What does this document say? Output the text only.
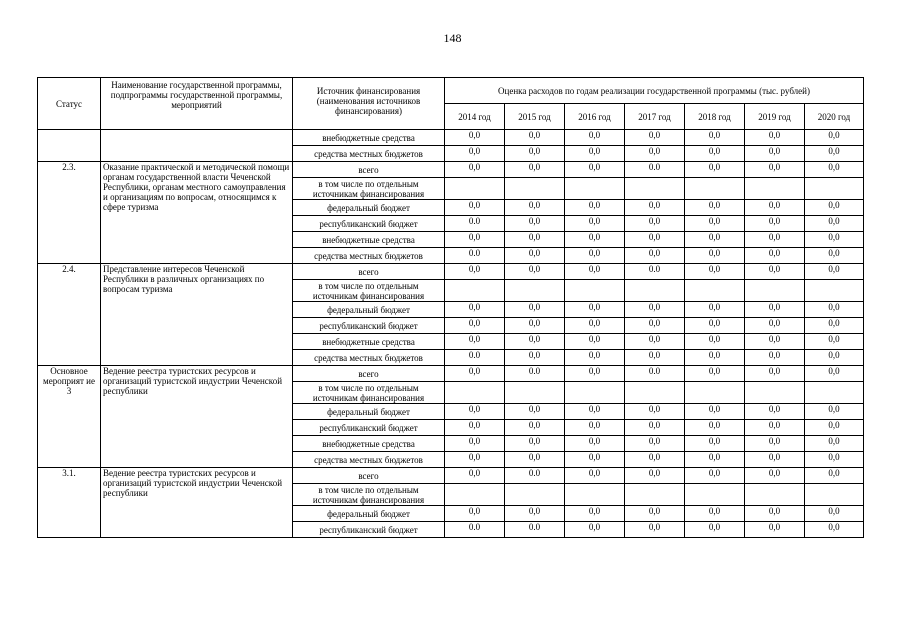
148
Статус	Наименование государственной программы, подпрограммы государственной программы, мероприятий	Источник финансирования (наименования источников финансирования)	Оценка расходов по годам реализации государственной программы (тыс. рублей)						
			2014 год	2015 год	2016 год	2017 год	2018 год	2019 год	2020 год
		внебюджетные средства	0,0	0,0	0,0	0,0	0,0	0,0	0,0
		средства местных бюджетов	0,0	0,0	0,0	0,0	0,0	0,0	0,0
2.3.	Оказание практической и методической помощи органам государственной власти Чеченской Республики, органам местного самоуправления и организациям по вопросам, относящимся к сфере туризма	всего	0,0	0,0	0,0	0.0	0,0	0,0	0,0
		в том числе по отдельным источникам финансирования							
		федеральный бюджет	0,0	0,0	0,0	0,0	0,0	0,0	0,0
		республиканский бюджет	0.0	0,0	0,0	0,0	0,0	0,0	0,0
		внебюджетные средства	0,0	0,0	0,0	0,0	0,0	0,0	0,0
		средства местных бюджетов	0.0	0,0	0,0	0,0	0,0	0,0	0,0
2.4.	Представление интересов Чеченской Республики в различных организациях по вопросам туризма	всего	0,0	0,0	0,0	0.0	0,0	0,0	0,0
		в том числе по отдельным источникам финансирования							
		федеральный бюджет	0,0	0,0	0,0	0,0	0,0	0,0	0,0
		республиканский бюджет	0,0	0,0	0,0	0,0	0,0	0,0	0,0
		внебюджетные средства	0,0	0,0	0,0	0,0	0,0	0,0	0,0
		средства местных бюджетов	0.0	0,0	0,0	0,0	0,0	0,0	0,0
Основное мероприят ие 3	Ведение реестра туристских ресурсов и организаций туристской индустрии Чеченской республики	всего	0,0	0.0	0,0	0.0	0,0	0,0	0,0
		в том числе по отдельным источникам финансирования							
		федеральный бюджет	0,0	0,0	0,0	0,0	0,0	0,0	0,0
		республиканский бюджет	0,0	0,0	0,0	0,0	0,0	0,0	0,0
		внебюджетные средства	0,0	0,0	0,0	0,0	0,0	0,0	0,0
		средства местных бюджетов	0,0	0,0	0,0	0,0	0,0	0,0	0,0
3.1.	Ведение реестра туристских ресурсов и организаций туристской индустрии Чеченской республики	всего	0,0	0.0	0,0	0,0	0,0	0,0	0,0
		в том числе по отдельным источникам финансирования							
		федеральный бюджет	0,0	0,0	0,0	0,0	0,0	0,0	0,0
		республиканский бюджет	0.0	0.0	0,0	0,0	0,0	0,0	0,0
